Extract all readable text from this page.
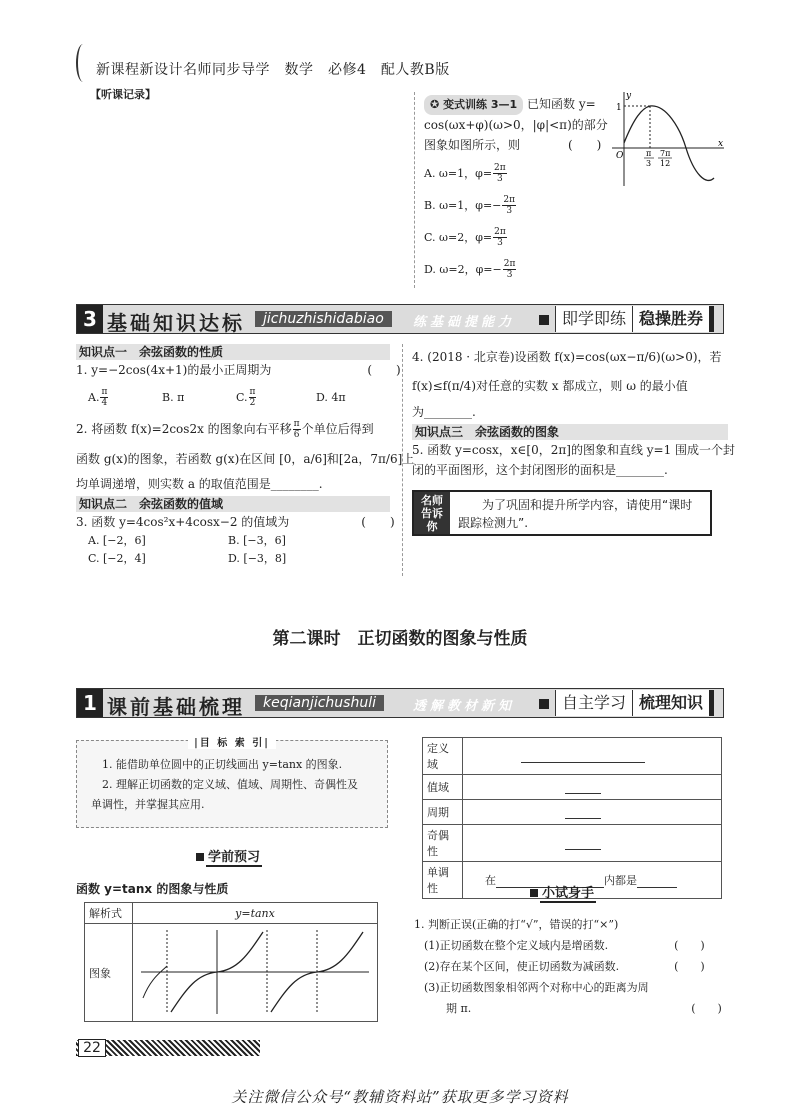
新课程新设计名师同步导学　数学　必修4　配人教B版
【听课记录】
✪ 变式训练 3—1 已知函数 y=
cos(ωx+φ)(ω>0，|φ|<π)的部分
图象如图所示，则　　　　(　　)
A. ω=1，$\varphi= \frac{2\pi}{3}$
B. ω=1，$\varphi=- \frac{2\pi}{3}$
C. ω=2，$\varphi= \frac{2\pi}{3}$
D. ω=2，$\varphi=- \frac{2\pi}{3}$
y
x
O
1
π
3
7π
12
3 基础知识达标	jichuzhishidabiao	练基础提能力	即学即练 稳操胜券
知识点一　余弦函数的性质
1. y=−2cos(4x+1)的最小正周期为　　　　　　　　(　　)
A. $\frac{\pi}{4}$	B. π	C. $\frac{\pi}{2}$	D. 4π
2. 将函数 f(x)=2cos2x 的图象向右平移 $\frac{\pi}{6}$ 个单位后得到
函数 g(x)的图象，若函数 g(x)在区间
[0，a/6]和[2a，7π/6]上
均单调递增，则实数 a 的取值范围是________.
知识点二　余弦函数的值域
3. 函数 y=4cos²x+4cosx−2 的值域为　　　　　　(　　)
A. [−2，6]	B. [−3，6]
C. [−2，4]	D. [−3，8]
4. (2018 · 北京卷)设函数 f(x)=cos(ωx−π/6)(ω>0)，若
f(x)≤f(π/4)对任意的实数 x 都成立，则 ω 的最小值
为________.
知识点三　余弦函数的图象
5. 函数 y=cosx，x∈[0，2π]的图象和直线 y=1 围成一个封
闭的平面图形，这个封闭图形的面积是________.
名师告诉你
为了巩固和提升所学内容，请使用“课时跟踪检测九”.
第二课时　正切函数的图象与性质
1 课前基础梳理	keqianjichushuli	透解教材新知	自主学习 梳理知识
|目 标 索 引|
1. 能借助单位圆中的正切线画出 y=tanx 的图象.
2. 理解正切函数的定义域、值域、周期性、奇偶性及
单调性，并掌握其应用.
学前预习
函数 y=tanx 的图象与性质
解析式	y=tanx
图象	
定义域	
值域	
周期	
奇偶性	
单调性	在 内都是
小试身手
1. 判断正误(正确的打“√”，错误的打“×”)
(1)正切函数在整个定义域内是增函数.　　　　　　(　　)
(2)存在某个区间，使正切函数为减函数.　　　　　(　　)
(3)正切函数图象相邻两个对称中心的距离为周
期 π.　　　　　　　　　　　　　　　　　　　　(　　)
22
关注微信公众号“教辅资料站”获取更多学习资料
